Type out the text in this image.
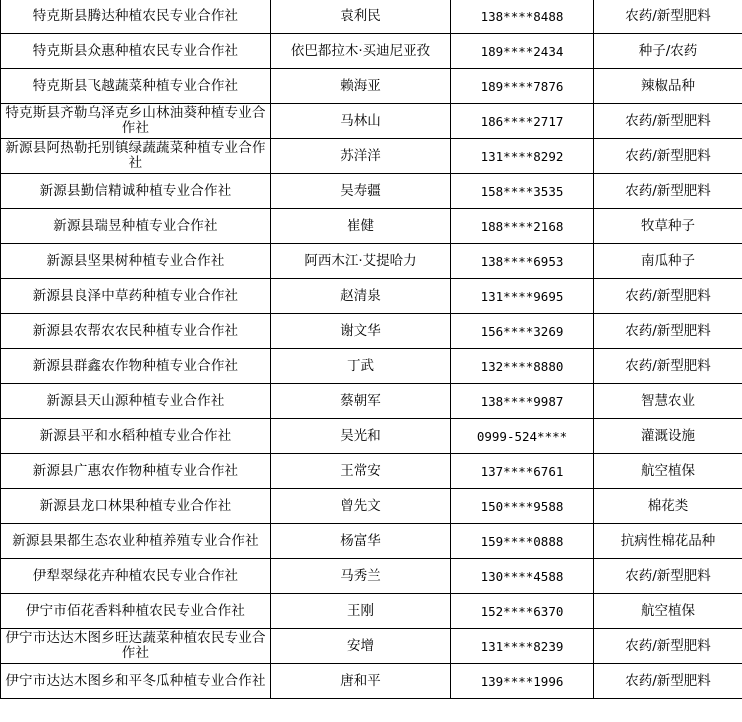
特克斯县腾达种植农民专业合作社	袁利民	138****8488	农药/新型肥料
特克斯县众惠种植农民专业合作社	依巴都拉木·买迪尼亚孜	189****2434	种子/农药
特克斯县飞越蔬菜种植专业合作社	赖海亚	189****7876	辣椒品种
特克斯县齐勒乌泽克乡山林油葵种植专业合作社	马林山	186****2717	农药/新型肥料
新源县阿热勒托别镇绿蔬蔬菜种植专业合作社	苏洋洋	131****8292	农药/新型肥料
新源县勤信精诚种植专业合作社	吴寿疆	158****3535	农药/新型肥料
新源县瑞昱种植专业合作社	崔健	188****2168	牧草种子
新源县坚果树种植专业合作社	阿西木江·艾提哈力	138****6953	南瓜种子
新源县良泽中草药种植专业合作社	赵清泉	131****9695	农药/新型肥料
新源县农帮农农民种植专业合作社	谢文华	156****3269	农药/新型肥料
新源县群鑫农作物种植专业合作社	丁武	132****8880	农药/新型肥料
新源县天山源种植专业合作社	蔡朝军	138****9987	智慧农业
新源县平和水稻种植专业合作社	吴光和	0999-524****	灌溉设施
新源县广惠农作物种植专业合作社	王常安	137****6761	航空植保
新源县龙口林果种植专业合作社	曾先文	150****9588	棉花类
新源县果都生态农业种植养殖专业合作社	杨富华	159****0888	抗病性棉花品种
伊犁翠绿花卉种植农民专业合作社	马秀兰	130****4588	农药/新型肥料
伊宁市佰花香料种植农民专业合作社	王刚	152****6370	航空植保
伊宁市达达木图乡旺达蔬菜种植农民专业合作社	安增	131****8239	农药/新型肥料
伊宁市达达木图乡和平冬瓜种植专业合作社	唐和平	139****1996	农药/新型肥料
